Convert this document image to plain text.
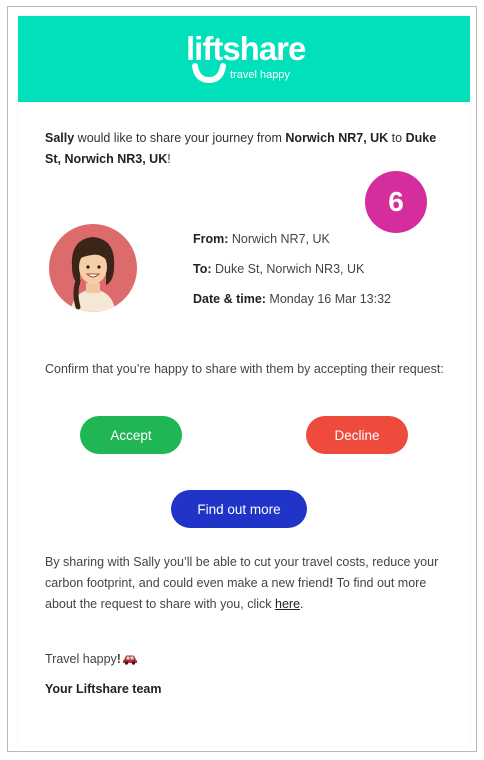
liftshare
travel happy
Sally would like to share your journey from Norwich NR7, UK to Duke St, Norwich NR3, UK!
6
From: Norwich NR7, UK
To: Duke St, Norwich NR3, UK
Date & time: Monday 16 Mar 13:32
Confirm that you’re happy to share with them by accepting their request:
Accept	Decline
Find out more
By sharing with Sally you’ll be able to cut your travel costs, reduce your carbon footprint, and could even make a new friend! To find out more about the request to share with you, click here.
Travel happy !
Your Liftshare team
